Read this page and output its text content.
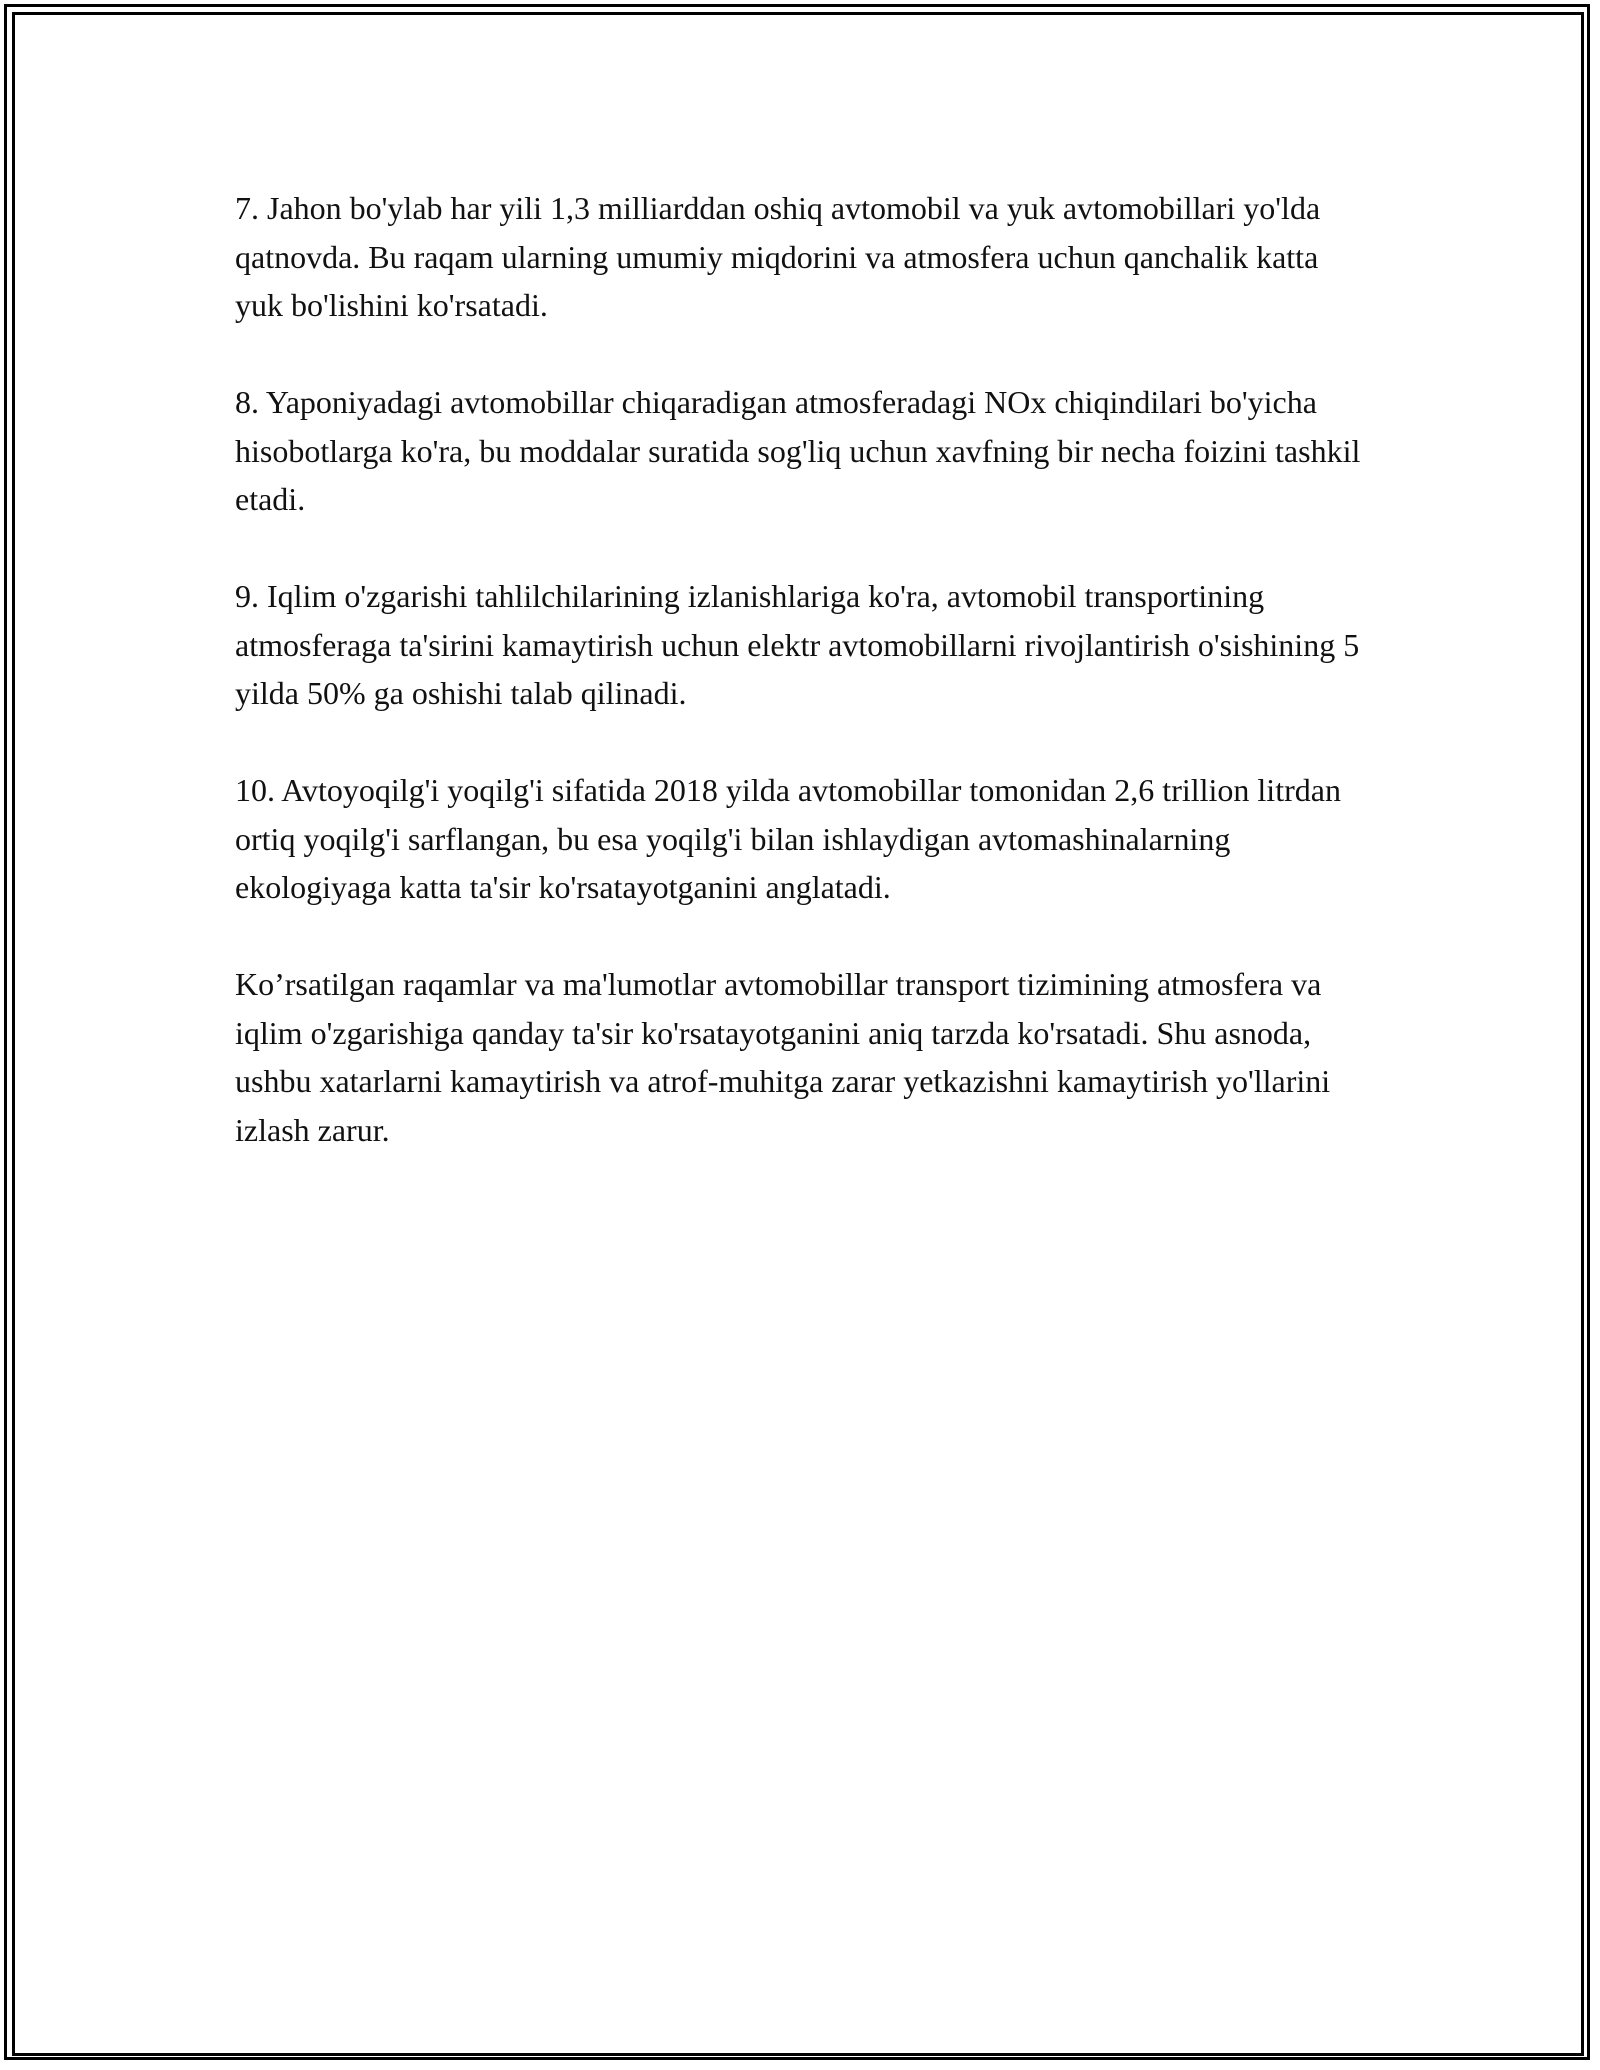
7. Jahon bo'ylab har yili 1,3 milliarddan oshiq avtomobil va yuk avtomobillari yo'lda qatnovda. Bu raqam ularning umumiy miqdorini va atmosfera uchun qanchalik katta yuk bo'lishini ko'rsatadi.

8. Yaponiyadagi avtomobillar chiqaradigan atmosferadagi NOx chiqindilari bo'yicha hisobotlarga ko'ra, bu moddalar suratida sog'liq uchun xavfning bir necha foizini tashkil etadi.

9. Iqlim o'zgarishi tahlilchilarining izlanishlariga ko'ra, avtomobil transportining atmosferaga ta'sirini kamaytirish uchun elektr avtomobillarni rivojlantirish o'sishining 5 yilda 50% ga oshishi talab qilinadi.

10. Avtoyoqilg'i yoqilg'i sifatida 2018 yilda avtomobillar tomonidan 2,6 trillion litrdan ortiq yoqilg'i sarflangan, bu esa yoqilg'i bilan ishlaydigan avtomashinalarning ekologiyaga katta ta'sir ko'rsatayotganini anglatadi.

Ko’rsatilgan raqamlar va ma'lumotlar avtomobillar transport tizimining atmosfera va iqlim o'zgarishiga qanday ta'sir ko'rsatayotganini aniq tarzda ko'rsatadi. Shu asnoda, ushbu xatarlarni kamaytirish va atrof-muhitga zarar yetkazishni kamaytirish yo'llarini izlash zarur.
